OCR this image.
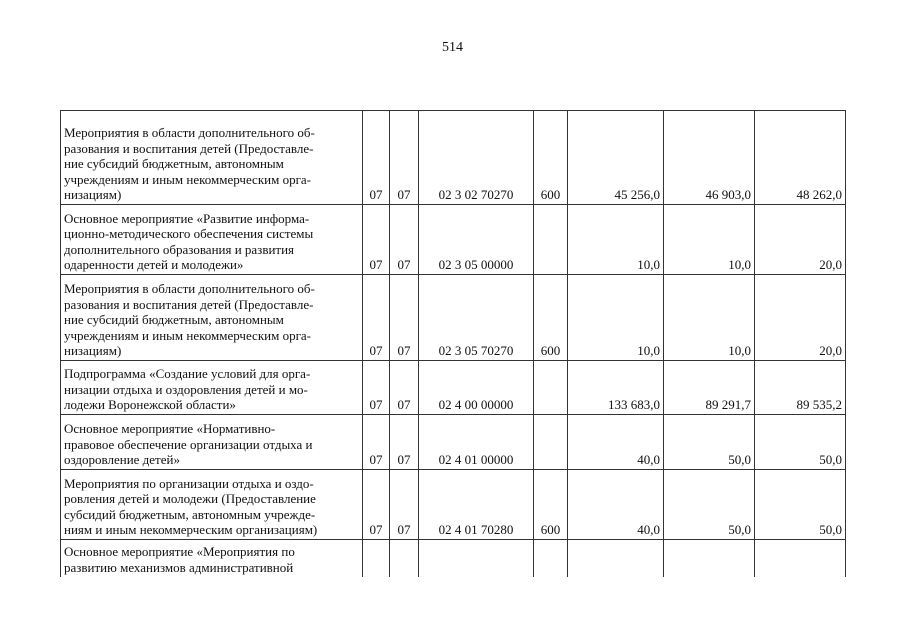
514
Мероприятия в области дополнительного об-
разования и воспитания детей (Предоставле-
ние субсидий бюджетным, автономным
учреждениям и иным некоммерческим орга-
низациям)	07	07	02 3 02 70270	600	45 256,0	46 903,0	48 262,0

Основное мероприятие «Развитие информа-
ционно-методического обеспечения системы
дополнительного образования и развития
одаренности детей и молодежи»	07	07	02 3 05 00000		10,0	10,0	20,0

Мероприятия в области дополнительного об-
разования и воспитания детей (Предоставле-
ние субсидий бюджетным, автономным
учреждениям и иным некоммерческим орга-
низациям)	07	07	02 3 05 70270	600	10,0	10,0	20,0

Подпрограмма «Создание условий для орга-
низации отдыха и оздоровления детей и мо-
лодежи Воронежской области»	07	07	02 4 00 00000		133 683,0	89 291,7	89 535,2

Основное мероприятие «Нормативно-
правовое обеспечение организации отдыха и
оздоровление детей»	07	07	02 4 01 00000		40,0	50,0	50,0

Мероприятия по организации отдыха и оздо-
ровления детей и молодежи (Предоставление
субсидий бюджетным, автономным учрежде-
ниям и иным некоммерческим организациям)	07	07	02 4 01 70280	600	40,0	50,0	50,0

Основное мероприятие «Мероприятия по
развитию механизмов административной							
